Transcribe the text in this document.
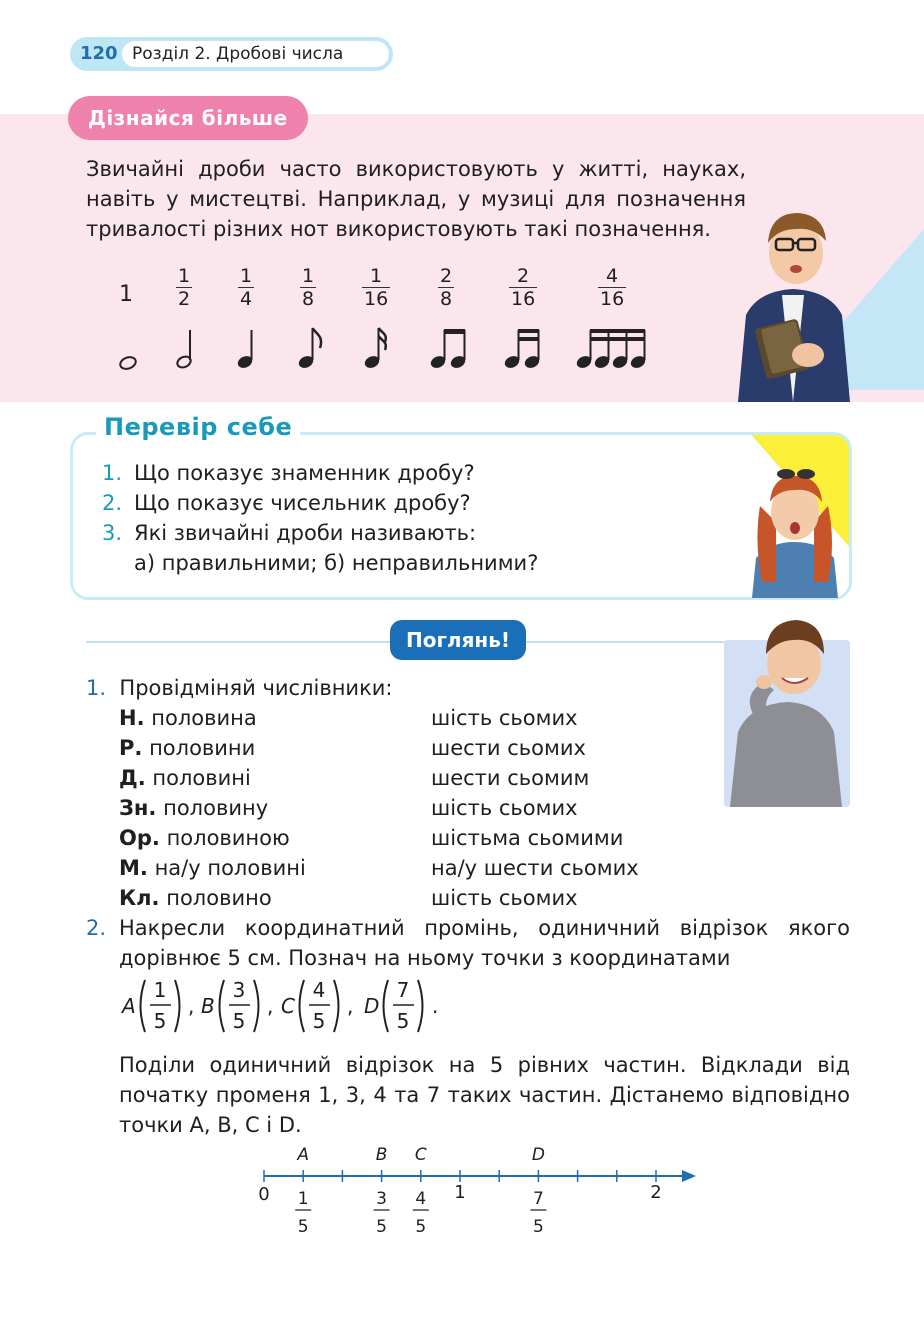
120 Розділ 2. Дробові числа
Дізнайся більше
Звичайні дроби часто використовують у житті, науках, навіть у мистецтві. Наприклад, у музиці для позначення тривалості різних нот використовують такі позначення.
1
1
2
1
4
1
8
1
16
2
8
2
16
4
16
Перевір себе
1. Що показує знаменник дробу?
2. Що показує чисельник дробу?
3. Які звичайні дроби називають:
а) правильними; б) неправильними?
Поглянь!
1. Провідміняй числівники:
Н. половина	шість сьомих
Р. половини	шести сьомих
Д. половині	шести сьомим
Зн. половину	шість сьомих
Ор. половиною	шістьма сьомими
М. на/у половині	на/у шести сьомих
Кл. половино	шість сьомих
2. Накресли координатний промінь, одиничний відрізок якого дорівнює 5 см. Познач на ньому точки з координатами
A
1
5
, B
3
5
, C
4
5
, D
7
5
.
Поділи одиничний відрізок на 5 рівних частин. Відклади від початку променя 1, 3, 4 та 7 таких частин. Дістанемо відповідно точки A, B, C і D.
0	1	2
A
1
5
B
3
5
C
4
5
D
7
5
